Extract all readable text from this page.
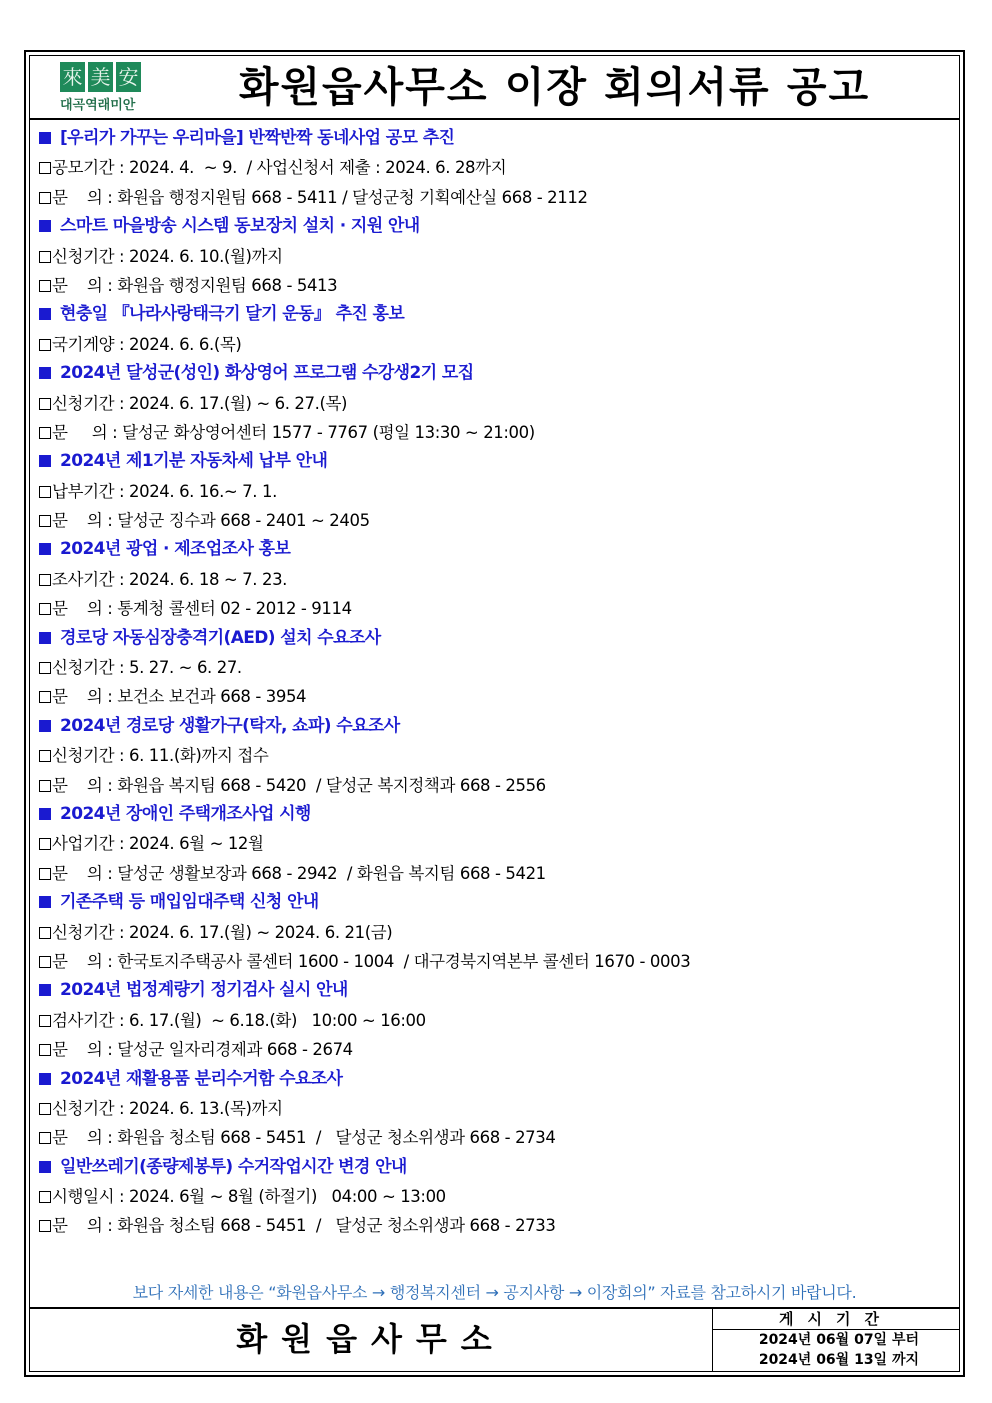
來 美 安
대곡역래미안	화원읍사무소 이장 회의서류 공고
[우리가 가꾸는 우리마을] 반짝반짝 동네사업 공모 추진
공모기간 : 2024. 4.  ~ 9.  / 사업신청서 제출 : 2024. 6. 28까지
문    의 : 화원읍 행정지원팀 668 - 5411 / 달성군청 기획예산실 668 - 2112
스마트 마을방송 시스템 동보장치 설치 · 지원 안내
신청기간 : 2024. 6. 10.(월)까지
문    의 : 화원읍 행정지원팀 668 - 5413
현충일 『나라사랑태극기 달기 운동』 추진 홍보
국기게양 : 2024. 6. 6.(목)
2024년 달성군(성인) 화상영어 프로그램 수강생2기 모집
신청기간 : 2024. 6. 17.(월) ~ 6. 27.(목)
문     의 : 달성군 화상영어센터 1577 - 7767 (평일 13:30 ~ 21:00)
2024년 제1기분 자동차세 납부 안내
납부기간 : 2024. 6. 16.~ 7. 1.
문    의 : 달성군 징수과 668 - 2401 ~ 2405
2024년 광업 · 제조업조사 홍보
조사기간 : 2024. 6. 18 ~ 7. 23.
문    의 : 통계청 콜센터 02 - 2012 - 9114
경로당 자동심장충격기(AED) 설치 수요조사
신청기간 : 5. 27. ~ 6. 27.
문    의 : 보건소 보건과 668 - 3954
2024년 경로당 생활가구(탁자, 쇼파) 수요조사
신청기간 : 6. 11.(화)까지 접수
문    의 : 화원읍 복지팀 668 - 5420  / 달성군 복지정책과 668 - 2556
2024년 장애인 주택개조사업 시행
사업기간 : 2024. 6월 ~ 12월
문    의 : 달성군 생활보장과 668 - 2942  / 화원읍 복지팀 668 - 5421
기존주택 등 매입임대주택 신청 안내
신청기간 : 2024. 6. 17.(월) ~ 2024. 6. 21(금)
문    의 : 한국토지주택공사 콜센터 1600 - 1004  / 대구경북지역본부 콜센터 1670 - 0003
2024년 법정계량기 정기검사 실시 안내
검사기간 : 6. 17.(월)  ~ 6.18.(화)   10:00 ~ 16:00
문    의 : 달성군 일자리경제과 668 - 2674
2024년 재활용품 분리수거함 수요조사
신청기간 : 2024. 6. 13.(목)까지
문    의 : 화원읍 청소팀 668 - 5451  /   달성군 청소위생과 668 - 2734
일반쓰레기(종량제봉투) 수거작업시간 변경 안내
시행일시 : 2024. 6월 ~ 8월 (하절기)   04:00 ~ 13:00
문    의 : 화원읍 청소팀 668 - 5451  /   달성군 청소위생과 668 - 2733
보다 자세한 내용은 “화원읍사무소 → 행정복지센터 → 공지사항 → 이장회의” 자료를 참고하시기 바랍니다.
화원읍사무소
게시기간
2024년 06월 07일 부터
2024년 06월 13일 까지
